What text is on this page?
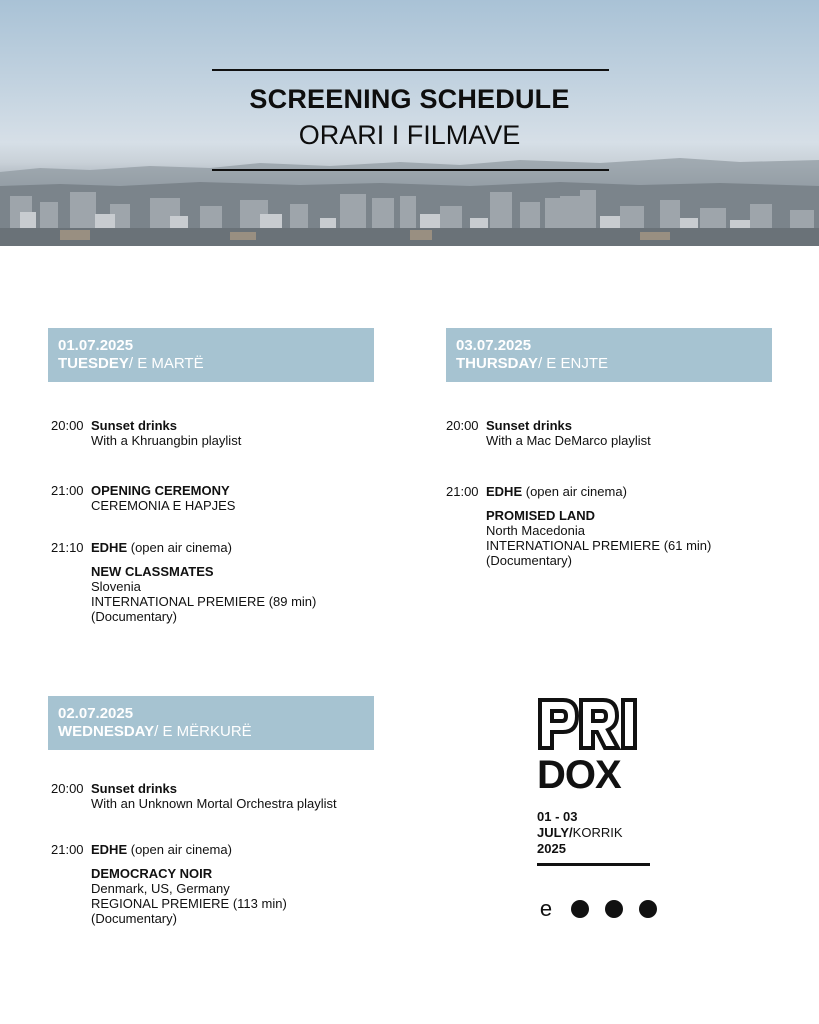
SCREENING SCHEDULE
ORARI I FILMAVE
01.07.2025
TUESDEY/ E MARTË
20:00 Sunset drinks
With a Khruangbin playlist
21:00 OPENING CEREMONY
CEREMONIA E HAPJES
21:10 EDHE (open air cinema)
NEW CLASSMATES
Slovenia
INTERNATIONAL PREMIERE (89 min)
(Documentary)
03.07.2025
THURSDAY/ E ENJTE
20:00 Sunset drinks
With a Mac DeMarco playlist
21:00 EDHE (open air cinema)
PROMISED LAND
North Macedonia
INTERNATIONAL PREMIERE (61 min)
(Documentary)
02.07.2025
WEDNESDAY/ E MËRKURË
20:00 Sunset drinks
With an Unknown Mortal Orchestra playlist
21:00 EDHE (open air cinema)
DEMOCRACY NOIR
Denmark, US, Germany
REGIONAL PREMIERE (113 min)
(Documentary)
PRI
DOX
01 - 03
JULY/KORRIK
2025
e
